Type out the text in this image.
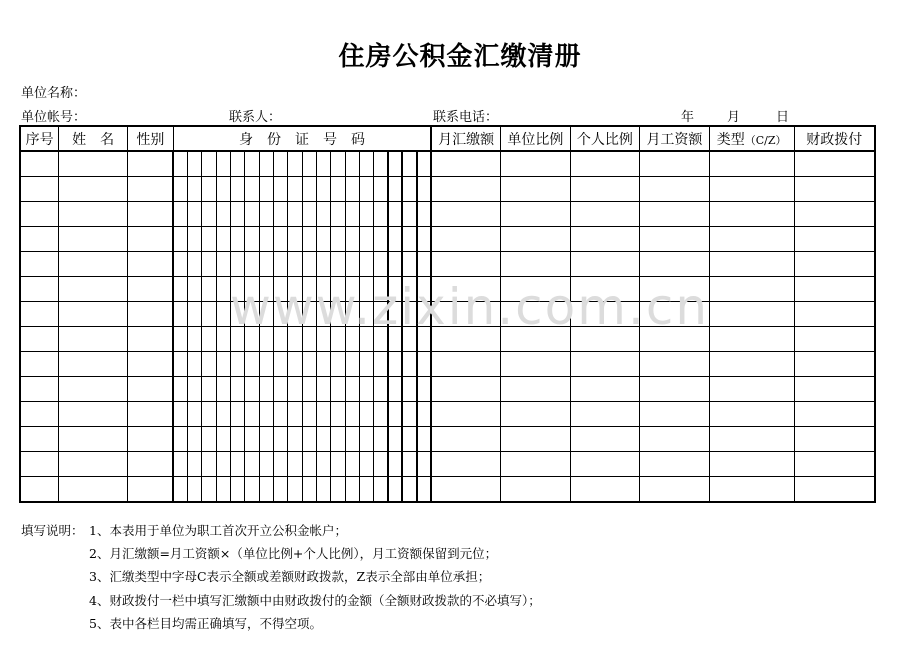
住房公积金汇缴清册
单位名称：
单位帐号：	联系人：	联系电话：	年	月	日
序号	姓　名	性别	身　份　证　号　码																		月汇缴额	单位比例	个人比例	月工资额	类型（C/Z）	财政拨付

www.zixin.com.cn
填写说明： 1、本表用于单位为职工首次开立公积金帐户；
2、月汇缴额=月工资额×（单位比例+个人比例），月工资额保留到元位；
3、汇缴类型中字母C表示全额或差额财政拨款，Z表示全部由单位承担；
4、财政拨付一栏中填写汇缴额中由财政拨付的金额（全额财政拨款的不必填写）；
5、表中各栏目均需正确填写，不得空项。
